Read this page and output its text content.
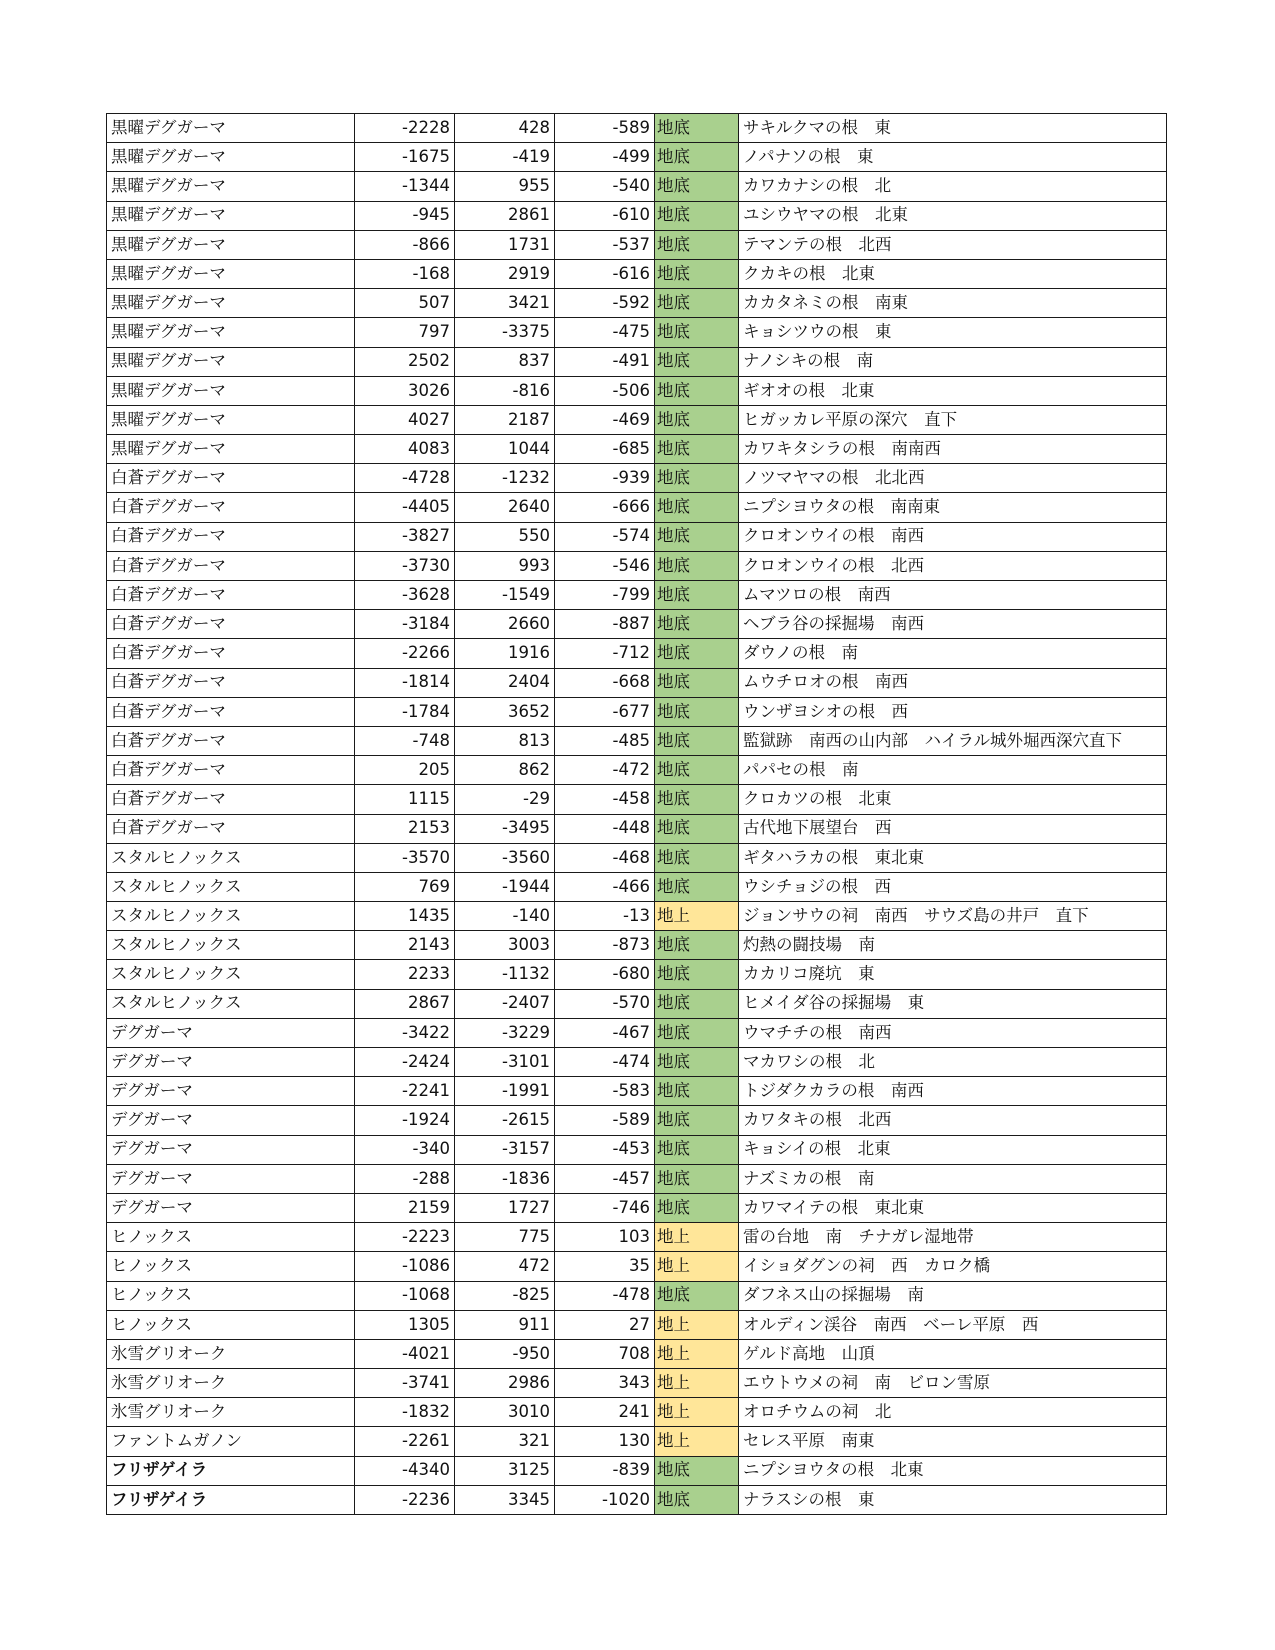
黒曜デグガーマ	-2228	428	-589	地底	サキルクマの根　東
黒曜デグガーマ	-1675	-419	-499	地底	ノパナソの根　東
黒曜デグガーマ	-1344	955	-540	地底	カワカナシの根　北
黒曜デグガーマ	-945	2861	-610	地底	ユシウヤマの根　北東
黒曜デグガーマ	-866	1731	-537	地底	テマンテの根　北西
黒曜デグガーマ	-168	2919	-616	地底	クカキの根　北東
黒曜デグガーマ	507	3421	-592	地底	カカタネミの根　南東
黒曜デグガーマ	797	-3375	-475	地底	キョシツウの根　東
黒曜デグガーマ	2502	837	-491	地底	ナノシキの根　南
黒曜デグガーマ	3026	-816	-506	地底	ギオオの根　北東
黒曜デグガーマ	4027	2187	-469	地底	ヒガッカレ平原の深穴　直下
黒曜デグガーマ	4083	1044	-685	地底	カワキタシラの根　南南西
白蒼デグガーマ	-4728	-1232	-939	地底	ノツマヤマの根　北北西
白蒼デグガーマ	-4405	2640	-666	地底	ニプシヨウタの根　南南東
白蒼デグガーマ	-3827	550	-574	地底	クロオンウイの根　南西
白蒼デグガーマ	-3730	993	-546	地底	クロオンウイの根　北西
白蒼デグガーマ	-3628	-1549	-799	地底	ムマツロの根　南西
白蒼デグガーマ	-3184	2660	-887	地底	ヘブラ谷の採掘場　南西
白蒼デグガーマ	-2266	1916	-712	地底	ダウノの根　南
白蒼デグガーマ	-1814	2404	-668	地底	ムウチロオの根　南西
白蒼デグガーマ	-1784	3652	-677	地底	ウンザヨシオの根　西
白蒼デグガーマ	-748	813	-485	地底	監獄跡　南西の山内部　ハイラル城外堀西深穴直下
白蒼デグガーマ	205	862	-472	地底	パパセの根　南
白蒼デグガーマ	1115	-29	-458	地底	クロカツの根　北東
白蒼デグガーマ	2153	-3495	-448	地底	古代地下展望台　西
スタルヒノックス	-3570	-3560	-468	地底	ギタハラカの根　東北東
スタルヒノックス	769	-1944	-466	地底	ウシチョジの根　西
スタルヒノックス	1435	-140	-13	地上	ジョンサウの祠　南西　サウズ島の井戸　直下
スタルヒノックス	2143	3003	-873	地底	灼熱の闘技場　南
スタルヒノックス	2233	-1132	-680	地底	カカリコ廃坑　東
スタルヒノックス	2867	-2407	-570	地底	ヒメイダ谷の採掘場　東
デグガーマ	-3422	-3229	-467	地底	ウマチチの根　南西
デグガーマ	-2424	-3101	-474	地底	マカワシの根　北
デグガーマ	-2241	-1991	-583	地底	トジダクカラの根　南西
デグガーマ	-1924	-2615	-589	地底	カワタキの根　北西
デグガーマ	-340	-3157	-453	地底	キョシイの根　北東
デグガーマ	-288	-1836	-457	地底	ナズミカの根　南
デグガーマ	2159	1727	-746	地底	カワマイテの根　東北東
ヒノックス	-2223	775	103	地上	雷の台地　南　チナガレ湿地帯
ヒノックス	-1086	472	35	地上	イショダグンの祠　西　カロク橋
ヒノックス	-1068	-825	-478	地底	ダフネス山の採掘場　南
ヒノックス	1305	911	27	地上	オルディン渓谷　南西　ベーレ平原　西
氷雪グリオーク	-4021	-950	708	地上	ゲルド高地　山頂
氷雪グリオーク	-3741	2986	343	地上	エウトウメの祠　南　ビロン雪原
氷雪グリオーク	-1832	3010	241	地上	オロチウムの祠　北
ファントムガノン	-2261	321	130	地上	セレス平原　南東
フリザゲイラ	-4340	3125	-839	地底	ニプシヨウタの根　北東
フリザゲイラ	-2236	3345	-1020	地底	ナラスシの根　東
